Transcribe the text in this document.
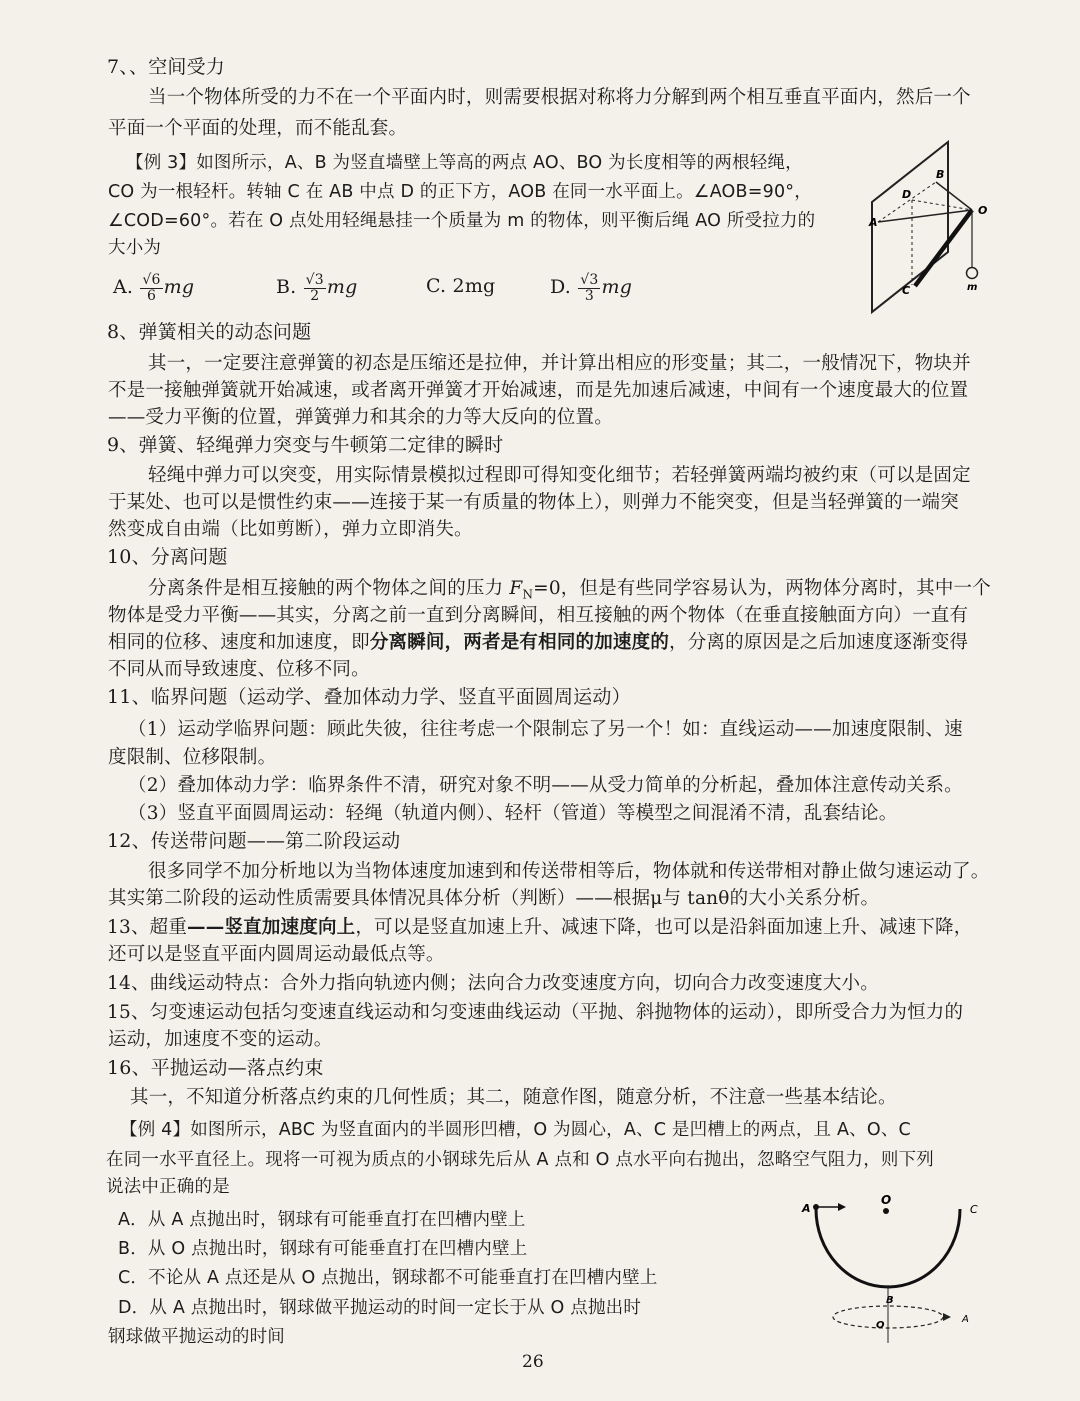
7、、空间受力
当一个物体所受的力不在一个平面内时，则需要根据对称将力分解到两个相互垂直平面内，然后一个
平面一个平面的处理，而不能乱套。
【例 3】如图所示，A、B 为竖直墙壁上等高的两点 AO、BO 为长度相等的两根轻绳，
CO 为一根轻杆。转轴 C 在 AB 中点 D 的正下方，AOB 在同一水平面上。∠AOB=90°，
∠COD=60°。若在 O 点处用轻绳悬挂一个质量为 m 的物体，则平衡后绳 AO 所受拉力的
大小为
A. $\frac{√6}{6}$ mg	B. $\frac{√3}{2}$ mg	C. 2mg	D. $\frac{√3}{3}$ mg
B
D
A
O
C	m
8、弹簧相关的动态问题
其一，一定要注意弹簧的初态是压缩还是拉伸，并计算出相应的形变量；其二，一般情况下，物块并
不是一接触弹簧就开始减速，或者离开弹簧才开始减速，而是先加速后减速，中间有一个速度最大的位置
——受力平衡的位置，弹簧弹力和其余的力等大反向的位置。
9、弹簧、轻绳弹力突变与牛顿第二定律的瞬时
轻绳中弹力可以突变，用实际情景模拟过程即可得知变化细节；若轻弹簧两端均被约束（可以是固定
于某处、也可以是惯性约束——连接于某一有质量的物体上），则弹力不能突变，但是当轻弹簧的一端突
然变成自由端（比如剪断），弹力立即消失。
10、分离问题
分离条件是相互接触的两个物体之间的压力 $F_N=0$，但是有些同学容易认为，两物体分离时，其中一个
物体是受力平衡——其实，分离之前一直到分离瞬间，相互接触的两个物体（在垂直接触面方向）一直有
相同的位移、速度和加速度，即分离瞬间，两者是有相同的加速度的，分离的原因是之后加速度逐渐变得
不同从而导致速度、位移不同。
11、临界问题（运动学、叠加体动力学、竖直平面圆周运动）
（1）运动学临界问题：顾此失彼，往往考虑一个限制忘了另一个！如：直线运动——加速度限制、速
度限制、位移限制。
（2）叠加体动力学：临界条件不清，研究对象不明——从受力简单的分析起，叠加体注意传动关系。
（3）竖直平面圆周运动：轻绳（轨道内侧）、轻杆（管道）等模型之间混淆不清，乱套结论。
12、传送带问题——第二阶段运动
很多同学不加分析地以为当物体速度加速到和传送带相等后，物体就和传送带相对静止做匀速运动了。
其实第二阶段的运动性质需要具体情况具体分析（判断）——根据μ与 tanθ的大小关系分析。
13、超重——竖直加速度向上，可以是竖直加速上升、减速下降，也可以是沿斜面加速上升、减速下降，
还可以是竖直平面内圆周运动最低点等。
14、曲线运动特点：合外力指向轨迹内侧；法向合力改变速度方向，切向合力改变速度大小。
15、匀变速运动包括匀变速直线运动和匀变速曲线运动（平抛、斜抛物体的运动），即所受合力为恒力的
运动，加速度不变的运动。
16、平抛运动—落点约束
其一，不知道分析落点约束的几何性质；其二，随意作图，随意分析，不注意一些基本结论。
【例 4】如图所示，ABC 为竖直面内的半圆形凹槽，O 为圆心，A、C 是凹槽上的两点，且 A、O、C
在同一水平直径上。现将一可视为质点的小钢球先后从 A 点和 O 点水平向右抛出，忽略空气阻力，则下列
说法中正确的是
A．从 A 点抛出时，钢球有可能垂直打在凹槽内壁上
B．从 O 点抛出时，钢球有可能垂直打在凹槽内壁上
C．不论从 A 点还是从 O 点抛出，钢球都不可能垂直打在凹槽内壁上
D．从 A 点抛出时，钢球做平抛运动的时间一定长于从 O 点抛出时
钢球做平抛运动的时间
A
O
C
B
O
A
26
